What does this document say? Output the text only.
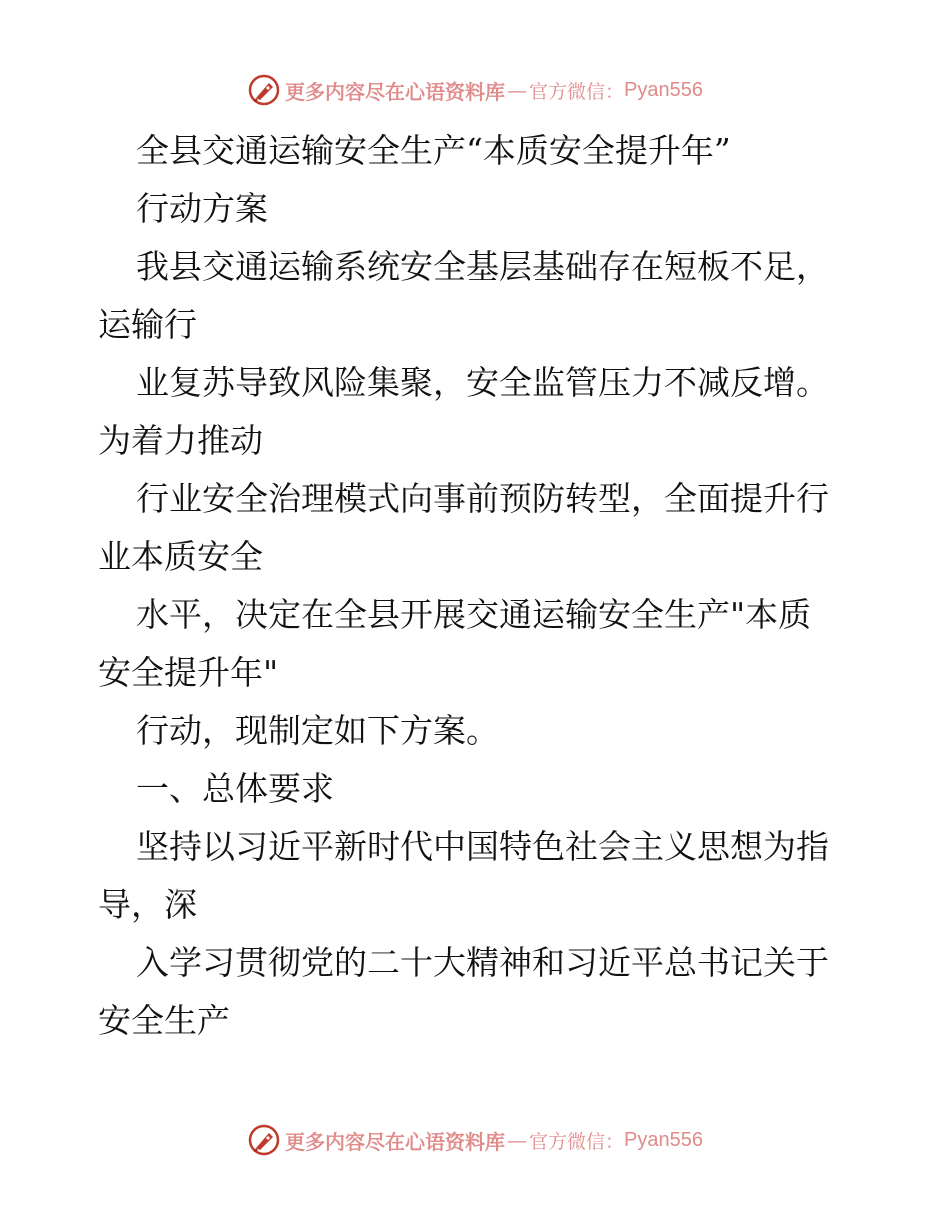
更多内容尽在心语资料库 — 官方微信： Pyan556
全县交通运输安全生产“本质安全提升年”
行动方案
我县交通运输系统安全基层基础存在短板不足，
运输行
业复苏导致风险集聚，安全监管压力不减反增。
为着力推动
行业安全治理模式向事前预防转型，全面提升行
业本质安全
水平，决定在全县开展交通运输安全生产"本质
安全提升年"
行动，现制定如下方案。
一、总体要求
坚持以习近平新时代中国特色社会主义思想为指
导，深
入学习贯彻党的二十大精神和习近平总书记关于
安全生产
更多内容尽在心语资料库 — 官方微信： Pyan556
